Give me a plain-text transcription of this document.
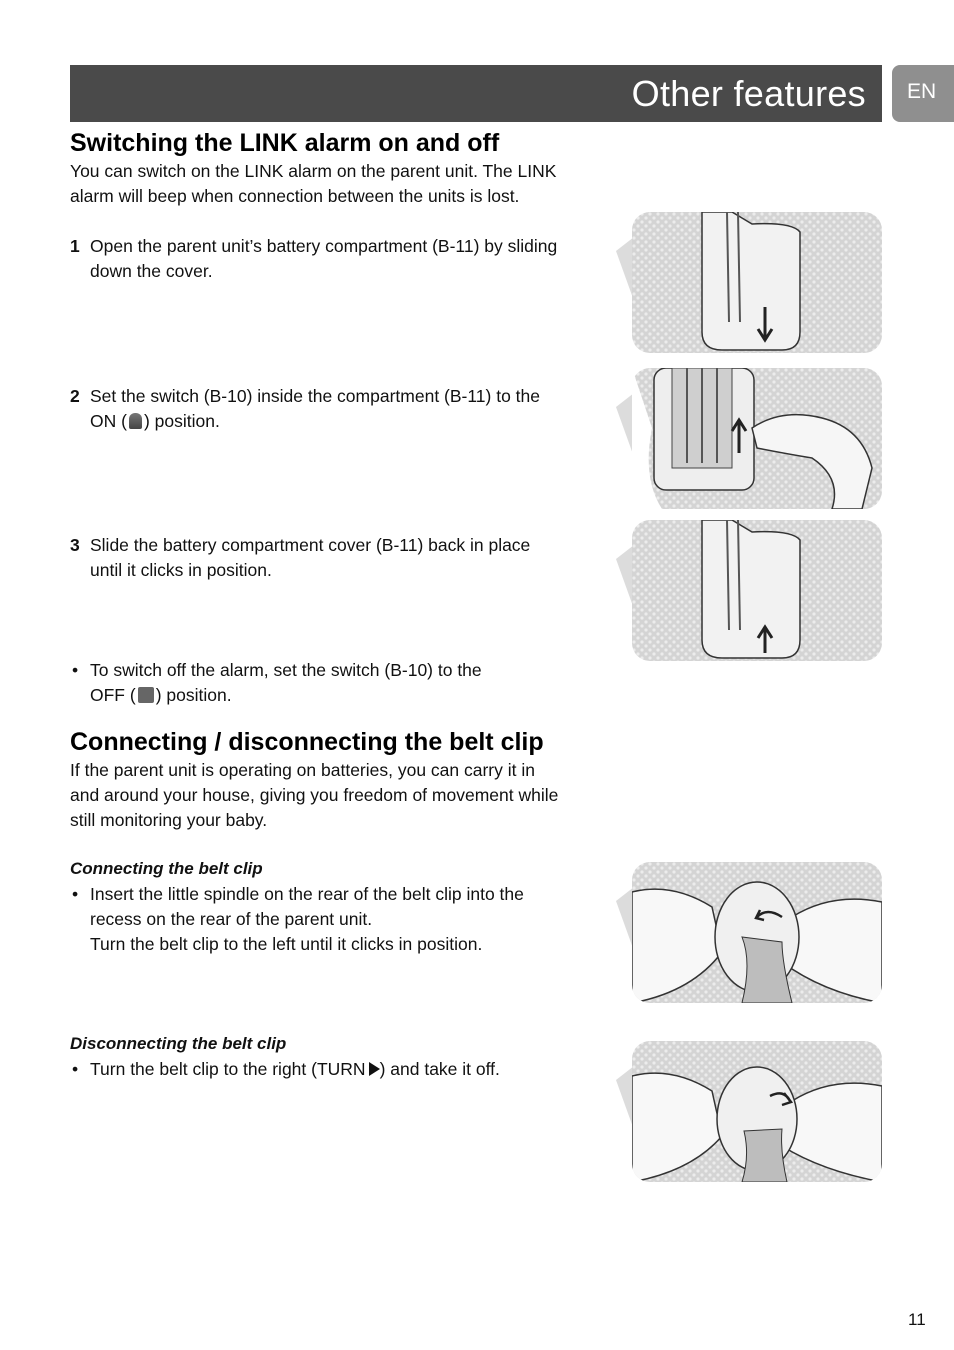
Other features EN
Switching the LINK alarm on and off
You can switch on the LINK alarm on the parent unit. The LINK
alarm will beep when connection between the units is lost.
1 Open the parent unit’s battery compartment (B-11) by sliding
down the cover.
2 Set the switch (B-10) inside the compartment (B-11) to the
ON ( ) position.
3 Slide the battery compartment cover (B-11) back in place
until it clicks in position.
• To switch off the alarm, set the switch (B-10) to the
OFF ( ) position.
Connecting / disconnecting the belt clip
If the parent unit is operating on batteries, you can carry it in
and around your house, giving you freedom of movement while
still monitoring your baby.
Connecting the belt clip
• Insert the little spindle on the rear of the belt clip into the
recess on the rear of the parent unit.
Turn the belt clip to the left until it clicks in position.
Disconnecting the belt clip
• Turn the belt clip to the right (TURN ) and take it off.
11
